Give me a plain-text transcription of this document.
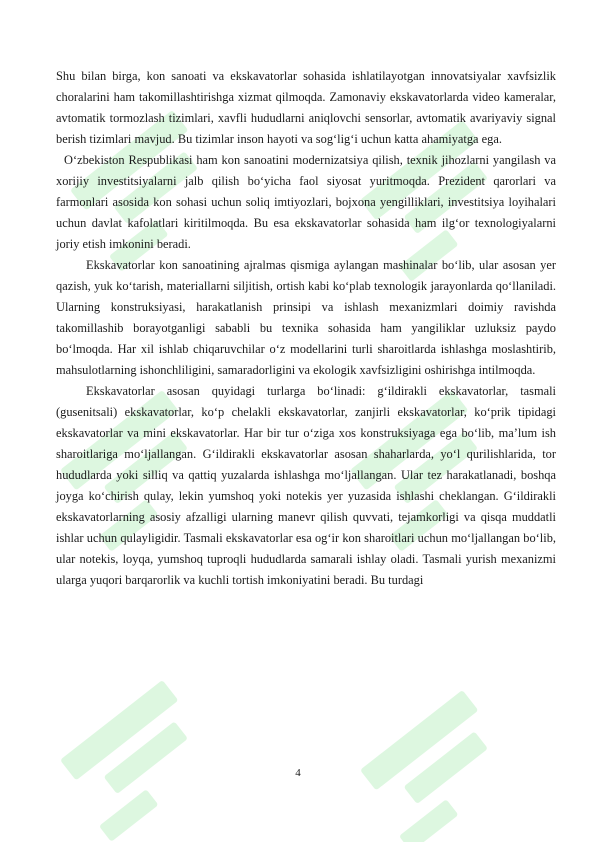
Shu bilan birga, kon sanoati va ekskavatorlar sohasida ishlatilayotgan innovatsiyalar xavfsizlik choralarini ham takomillashtirishga xizmat qilmoqda. Zamonaviy ekskavatorlarda video kameralar, avtomatik tormozlash tizimlari, xavfli hududlarni aniqlovchi sensorlar, avtomatik avariyaviy signal berish tizimlari mavjud. Bu tizimlar inson hayoti va sog‘lig‘i uchun katta ahamiyatga ega.

O‘zbekiston Respublikasi ham kon sanoatini modernizatsiya qilish, texnik jihozlarni yangilash va xorijiy investitsiyalarni jalb qilish bo‘yicha faol siyosat yuritmoqda. Prezident qarorlari va farmonlari asosida kon sohasi uchun soliq imtiyozlari, bojxona yengilliklari, investitsiya loyihalari uchun davlat kafolatlari kiritilmoqda. Bu esa ekskavatorlar sohasida ham ilg‘or texnologiyalarni joriy etish imkonini beradi.

Ekskavatorlar kon sanoatining ajralmas qismiga aylangan mashinalar bo‘lib, ular asosan yer qazish, yuk ko‘tarish, materiallarni siljitish, ortish kabi ko‘plab texnologik jarayonlarda qo‘llaniladi. Ularning konstruksiyasi, harakatlanish prinsipi va ishlash mexanizmlari doimiy ravishda takomillashib borayotganligi sababli bu texnika sohasida ham yangiliklar uzluksiz paydo bo‘lmoqda. Har xil ishlab chiqaruvchilar o‘z modellarini turli sharoitlarda ishlashga moslashtirib, mahsulotlarning ishonchliligini, samaradorligini va ekologik xavfsizligini oshirishga intilmoqda.

Ekskavatorlar asosan quyidagi turlarga bo‘linadi: g‘ildirakli ekskavatorlar, tasmali (gusenitsali) ekskavatorlar, ko‘p chelakli ekskavatorlar, zanjirli ekskavatorlar, ko‘prik tipidagi ekskavatorlar va mini ekskavatorlar. Har bir tur o‘ziga xos konstruksiyaga ega bo‘lib, ma’lum ish sharoitlariga mo‘ljallangan. G‘ildirakli ekskavatorlar asosan shaharlarda, yo‘l qurilishlarida, tor hududlarda yoki silliq va qattiq yuzalarda ishlashga mo‘ljallangan. Ular tez harakatlanadi, boshqa joyga ko‘chirish qulay, lekin yumshoq yoki notekis yer yuzasida ishlashi cheklangan. G‘ildirakli ekskavatorlarning asosiy afzalligi ularning manevr qilish quvvati, tejamkorligi va qisqa muddatli ishlar uchun qulayligidir. Tasmali ekskavatorlar esa og‘ir kon sharoitlari uchun mo‘ljallangan bo‘lib, ular notekis, loyqa, yumshoq tuproqli hududlarda samarali ishlay oladi. Tasmali yurish mexanizmi ularga yuqori barqarorlik va kuchli tortish imkoniyatini beradi. Bu turdagi

4
